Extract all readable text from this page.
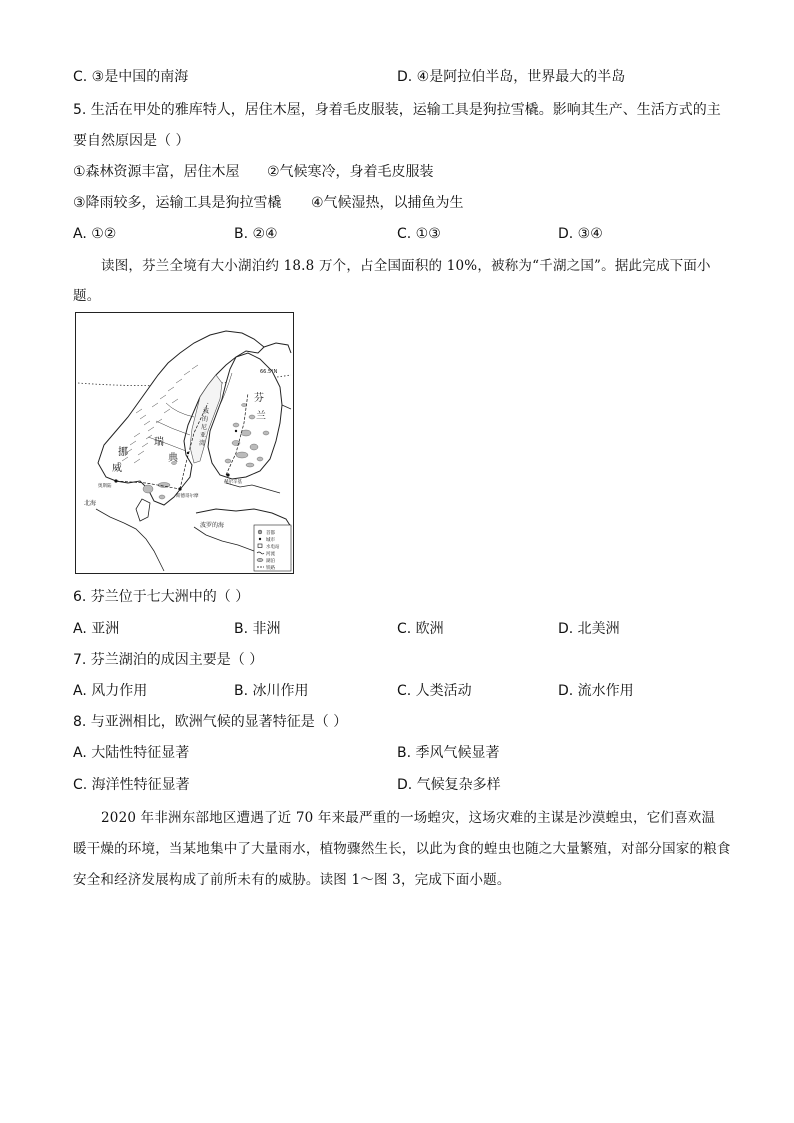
C. ③是中国的南海	D. ④是阿拉伯半岛，世界最大的半岛
5. 生活在甲处的雅库特人，居住木屋，身着毛皮服装，运输工具是狗拉雪橇。影响其生产、生活方式的主
要自然原因是（ ）
①森林资源丰富，居住木屋 ②气候寒冷，身着毛皮服装
③降雨较多，运输工具是狗拉雪橇 ④气候湿热，以捕鱼为生
A. ①②	B. ②④	C. ①③	D. ③④
读图，芬兰全境有大小湖泊约 18.8 万个，占全国面积的 10%，被称为“千湖之国”。据此完成下面小
题。
芬
兰
瑞
典
挪
威
波
的
尼
亚
湾
北海
波罗的海
66.5°N
奥斯陆
斯德哥尔摩
赫尔辛基
首都
城市
水电站
河流
湖泊
铁路
6. 芬兰位于七大洲中的（ ）
A. 亚洲	B. 非洲	C. 欧洲	D. 北美洲
7. 芬兰湖泊的成因主要是（ ）
A. 风力作用	B. 冰川作用	C. 人类活动	D. 流水作用
8. 与亚洲相比，欧洲气候的显著特征是（ ）
A. 大陆性特征显著	B. 季风气候显著
C. 海洋性特征显著	D. 气候复杂多样
2020 年非洲东部地区遭遇了近 70 年来最严重的一场蝗灾，这场灾难的主谋是沙漠蝗虫，它们喜欢温
暖干燥的环境，当某地集中了大量雨水，植物骤然生长，以此为食的蝗虫也随之大量繁殖，对部分国家的粮食
安全和经济发展构成了前所未有的威胁。读图 1～图 3，完成下面小题。
